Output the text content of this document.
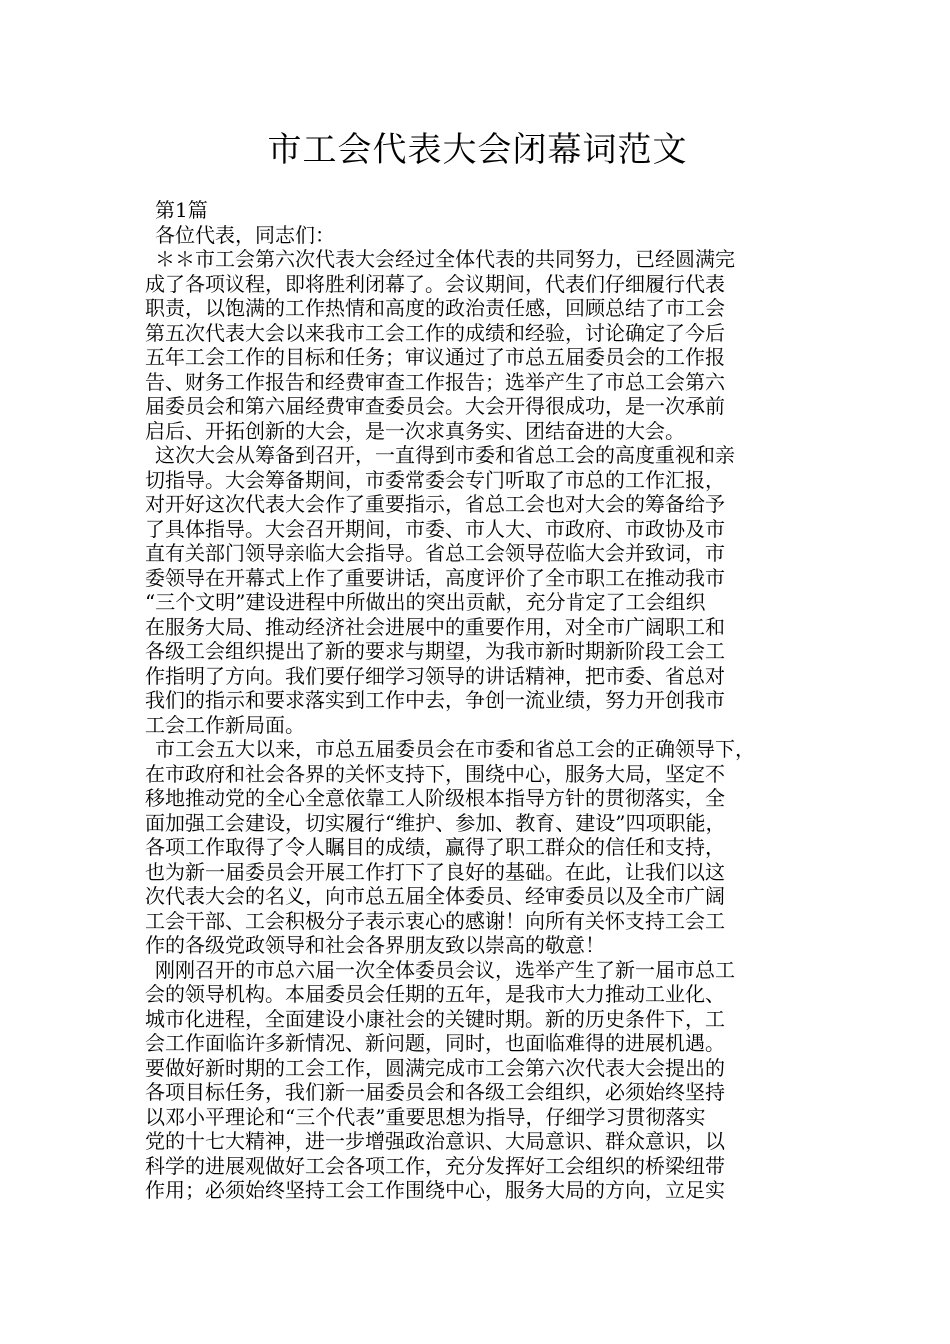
市工会代表大会闭幕词范文
第1篇
各位代表，同志们：
＊＊市工会第六次代表大会经过全体代表的共同努力，已经圆满完
成了各项议程，即将胜利闭幕了。会议期间，代表们仔细履行代表
职责，以饱满的工作热情和高度的政治责任感，回顾总结了市工会
第五次代表大会以来我市工会工作的成绩和经验，讨论确定了今后
五年工会工作的目标和任务；审议通过了市总五届委员会的工作报
告、财务工作报告和经费审查工作报告；选举产生了市总工会第六
届委员会和第六届经费审查委员会。大会开得很成功，是一次承前
启后、开拓创新的大会，是一次求真务实、团结奋进的大会。
这次大会从筹备到召开，一直得到市委和省总工会的高度重视和亲
切指导。大会筹备期间，市委常委会专门听取了市总的工作汇报，
对开好这次代表大会作了重要指示，省总工会也对大会的筹备给予
了具体指导。大会召开期间，市委、市人大、市政府、市政协及市
直有关部门领导亲临大会指导。省总工会领导莅临大会并致词，市
委领导在开幕式上作了重要讲话，高度评价了全市职工在推动我市
“三个文明”建设进程中所做出的突出贡献，充分肯定了工会组织
在服务大局、推动经济社会进展中的重要作用，对全市广阔职工和
各级工会组织提出了新的要求与期望，为我市新时期新阶段工会工
作指明了方向。我们要仔细学习领导的讲话精神，把市委、省总对
我们的指示和要求落实到工作中去，争创一流业绩，努力开创我市
工会工作新局面。
市工会五大以来，市总五届委员会在市委和省总工会的正确领导下，
在市政府和社会各界的关怀支持下，围绕中心，服务大局，坚定不
移地推动党的全心全意依靠工人阶级根本指导方针的贯彻落实，全
面加强工会建设，切实履行“维护、参加、教育、建设”四项职能，
各项工作取得了令人瞩目的成绩，赢得了职工群众的信任和支持，
也为新一届委员会开展工作打下了良好的基础。在此，让我们以这
次代表大会的名义，向市总五届全体委员、经审委员以及全市广阔
工会干部、工会积极分子表示衷心的感谢！向所有关怀支持工会工
作的各级党政领导和社会各界朋友致以崇高的敬意！
刚刚召开的市总六届一次全体委员会议，选举产生了新一届市总工
会的领导机构。本届委员会任期的五年，是我市大力推动工业化、
城市化进程，全面建设小康社会的关键时期。新的历史条件下，工
会工作面临许多新情况、新问题，同时，也面临难得的进展机遇。
要做好新时期的工会工作，圆满完成市工会第六次代表大会提出的
各项目标任务，我们新一届委员会和各级工会组织，必须始终坚持
以邓小平理论和“三个代表”重要思想为指导，仔细学习贯彻落实
党的十七大精神，进一步增强政治意识、大局意识、群众意识，以
科学的进展观做好工会各项工作，充分发挥好工会组织的桥梁纽带
作用；必须始终坚持工会工作围绕中心，服务大局的方向，立足实
